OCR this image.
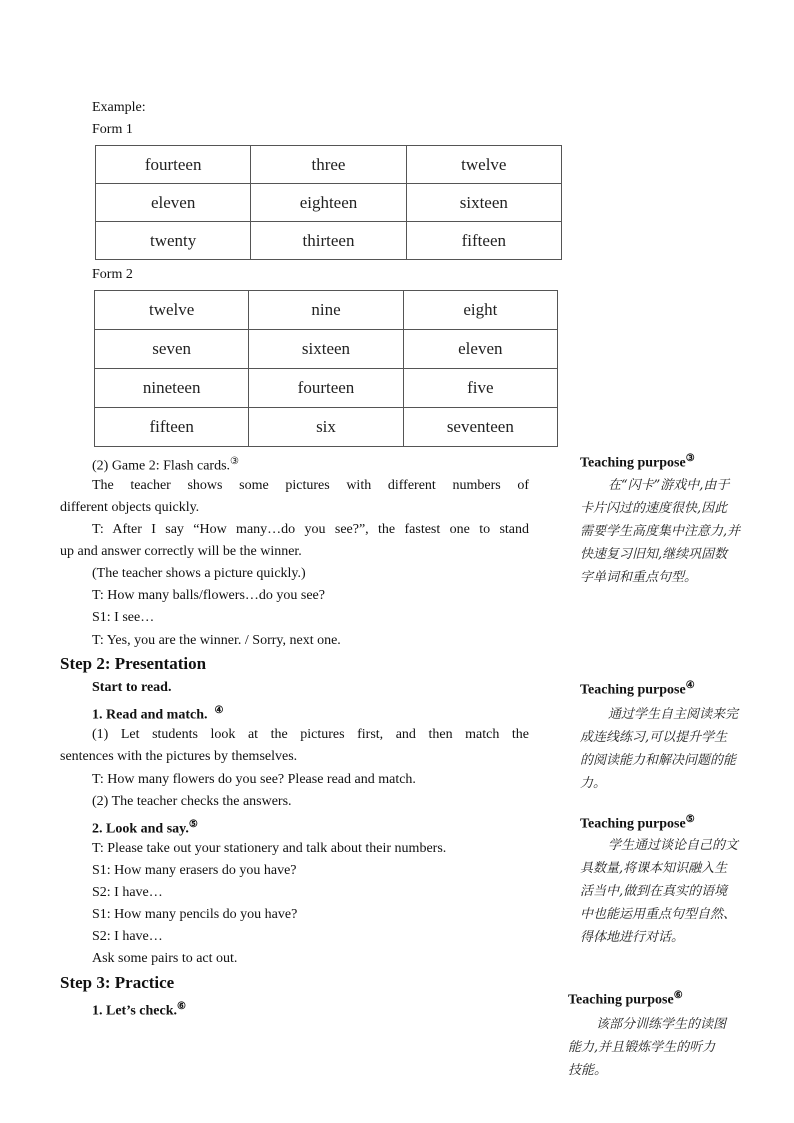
Example:
Form 1
fourteen	three	twelve
eleven	eighteen	sixteen
twenty	thirteen	fifteen
Form 2
twelve	nine	eight
seven	sixteen	eleven
nineteen	fourteen	five
fifteen	six	seventeen
(2) Game 2: Flash cards.③
The teacher shows some pictures with different numbers of
different objects quickly.
T: After I say “How many…do you see?”, the fastest one to stand
up and answer correctly will be the winner.
(The teacher shows a picture quickly.)
T: How many balls/flowers…do you see?
S1: I see…
T: Yes, you are the winner. / Sorry, next one.
Step 2: Presentation
Start to read.
1. Read and match. ④
(1) Let students look at the pictures first, and then match the
sentences with the pictures by themselves.
T: How many flowers do you see? Please read and match.
(2) The teacher checks the answers.
2. Look and say.⑤
T: Please take out your stationery and talk about their numbers.
S1: How many erasers do you have?
S2: I have…
S1: How many pencils do you have?
S2: I have…
Ask some pairs to act out.
Step 3: Practice
1. Let’s check.⑥
Teaching purpose③
在“闪卡”游戏中,由于
卡片闪过的速度很快,因此
需要学生高度集中注意力,并
快速复习旧知,继续巩固数
字单词和重点句型。
Teaching purpose④
通过学生自主阅读来完
成连线练习,可以提升学生
的阅读能力和解决问题的能
力。
Teaching purpose⑤
学生通过谈论自己的文
具数量,将课本知识融入生
活当中,做到在真实的语境
中也能运用重点句型自然、
得体地进行对话。
Teaching purpose⑥
该部分训练学生的读图
能力,并且锻炼学生的听力
技能。
